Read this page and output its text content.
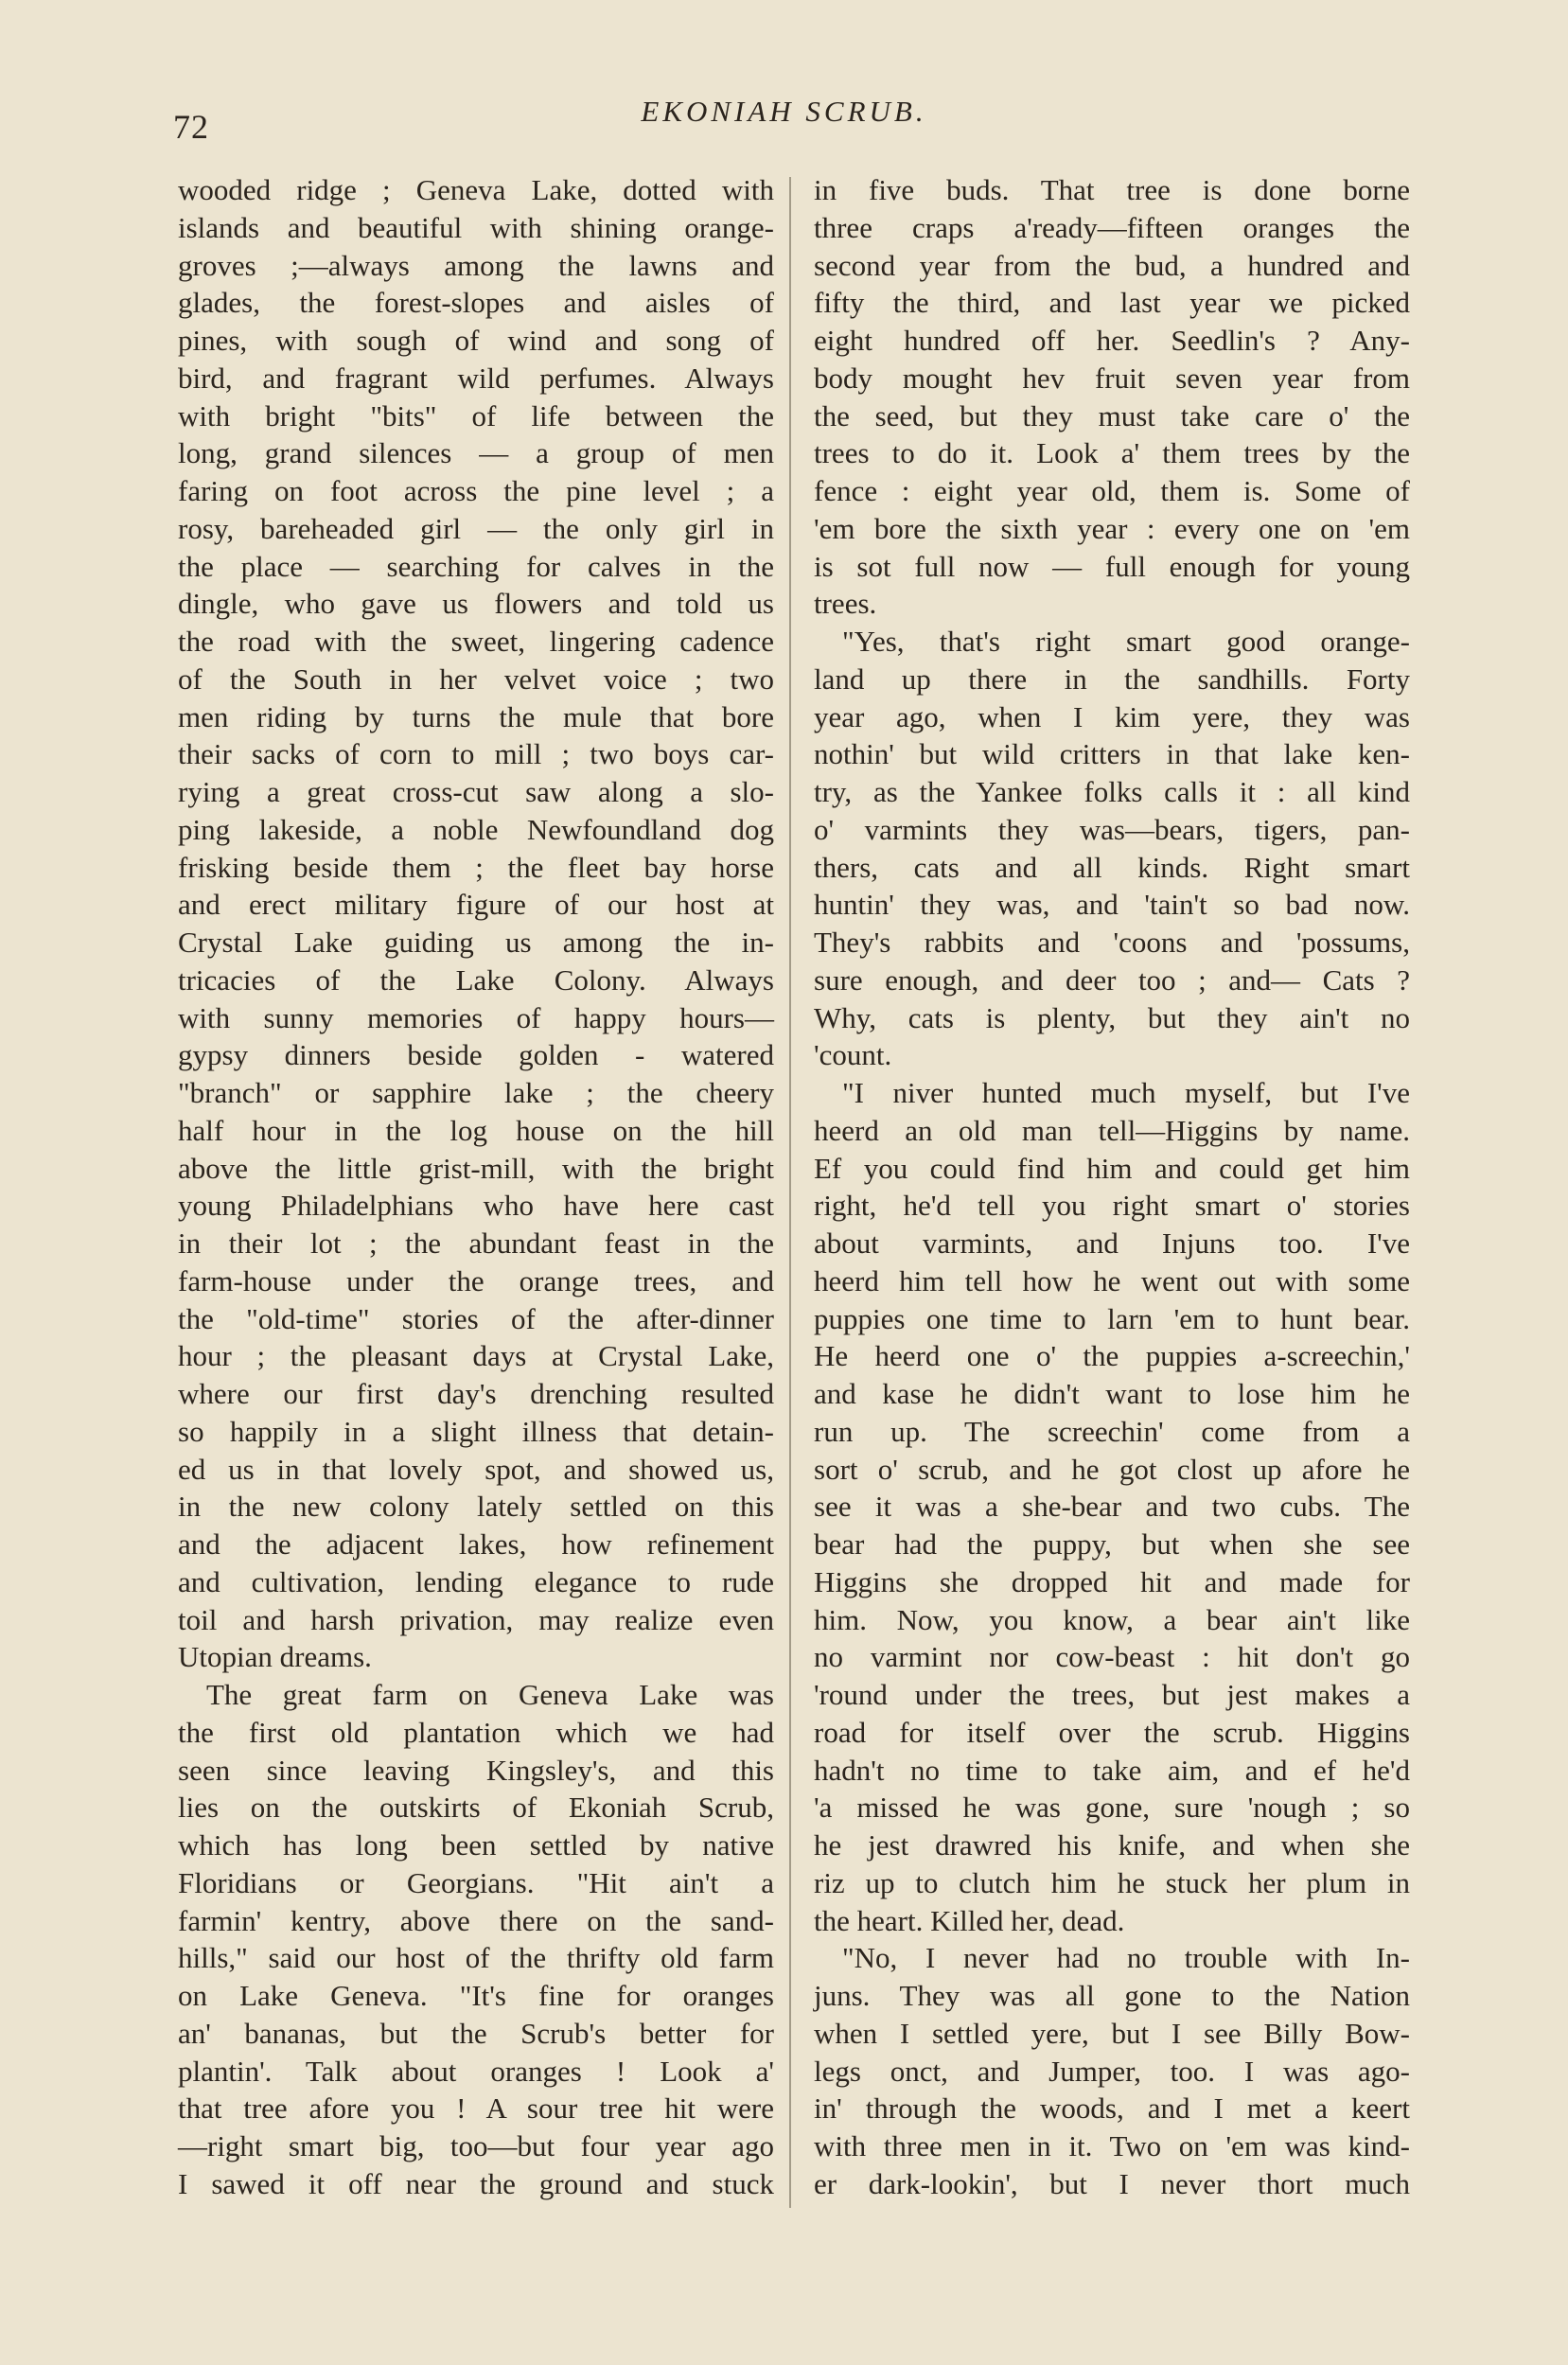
72	EKONIAH SCRUB.
wooded ridge ; Geneva Lake, dotted with
islands and beautiful with shining orange-
groves ;—always among the lawns and
glades, the forest-slopes and aisles of
pines, with sough of wind and song of
bird, and fragrant wild perfumes. Always
with bright "bits" of life between the
long, grand silences — a group of men
faring on foot across the pine level ; a
rosy, bareheaded girl — the only girl in
the place — searching for calves in the
dingle, who gave us flowers and told us
the road with the sweet, lingering cadence
of the South in her velvet voice ; two
men riding by turns the mule that bore
their sacks of corn to mill ; two boys car-
rying a great cross-cut saw along a slo-
ping lakeside, a noble Newfoundland dog
frisking beside them ; the fleet bay horse
and erect military figure of our host at
Crystal Lake guiding us among the in-
tricacies of the Lake Colony. Always
with sunny memories of happy hours—
gypsy dinners beside golden - watered
"branch" or sapphire lake ; the cheery
half hour in the log house on the hill
above the little grist-mill, with the bright
young Philadelphians who have here cast
in their lot ; the abundant feast in the
farm-house under the orange trees, and
the "old-time" stories of the after-dinner
hour ; the pleasant days at Crystal Lake,
where our first day's drenching resulted
so happily in a slight illness that detain-
ed us in that lovely spot, and showed us,
in the new colony lately settled on this
and the adjacent lakes, how refinement
and cultivation, lending elegance to rude
toil and harsh privation, may realize even
Utopian dreams.
The great farm on Geneva Lake was
the first old plantation which we had
seen since leaving Kingsley's, and this
lies on the outskirts of Ekoniah Scrub,
which has long been settled by native
Floridians or Georgians. "Hit ain't a
farmin' kentry, above there on the sand-
hills," said our host of the thrifty old farm
on Lake Geneva. "It's fine for oranges
an' bananas, but the Scrub's better for
plantin'. Talk about oranges ! Look a'
that tree afore you ! A sour tree hit were
—right smart big, too—but four year ago
I sawed it off near the ground and stuck
in five buds. That tree is done borne
three craps a'ready—fifteen oranges the
second year from the bud, a hundred and
fifty the third, and last year we picked
eight hundred off her. Seedlin's ? Any-
body mought hev fruit seven year from
the seed, but they must take care o' the
trees to do it. Look a' them trees by the
fence : eight year old, them is. Some of
'em bore the sixth year : every one on 'em
is sot full now — full enough for young
trees.
"Yes, that's right smart good orange-
land up there in the sandhills. Forty
year ago, when I kim yere, they was
nothin' but wild critters in that lake ken-
try, as the Yankee folks calls it : all kind
o' varmints they was—bears, tigers, pan-
thers, cats and all kinds. Right smart
huntin' they was, and 'tain't so bad now.
They's rabbits and 'coons and 'possums,
sure enough, and deer too ; and— Cats ?
Why, cats is plenty, but they ain't no
'count.
"I niver hunted much myself, but I've
heerd an old man tell—Higgins by name.
Ef you could find him and could get him
right, he'd tell you right smart o' stories
about varmints, and Injuns too. I've
heerd him tell how he went out with some
puppies one time to larn 'em to hunt bear.
He heerd one o' the puppies a-screechin,'
and kase he didn't want to lose him he
run up. The screechin' come from a
sort o' scrub, and he got clost up afore he
see it was a she-bear and two cubs. The
bear had the puppy, but when she see
Higgins she dropped hit and made for
him. Now, you know, a bear ain't like
no varmint nor cow-beast : hit don't go
'round under the trees, but jest makes a
road for itself over the scrub. Higgins
hadn't no time to take aim, and ef he'd
'a missed he was gone, sure 'nough ; so
he jest drawred his knife, and when she
riz up to clutch him he stuck her plum in
the heart. Killed her, dead.
"No, I never had no trouble with In-
juns. They was all gone to the Nation
when I settled yere, but I see Billy Bow-
legs onct, and Jumper, too. I was ago-
in' through the woods, and I met a keert
with three men in it. Two on 'em was kind-
er dark-lookin', but I never thort much
